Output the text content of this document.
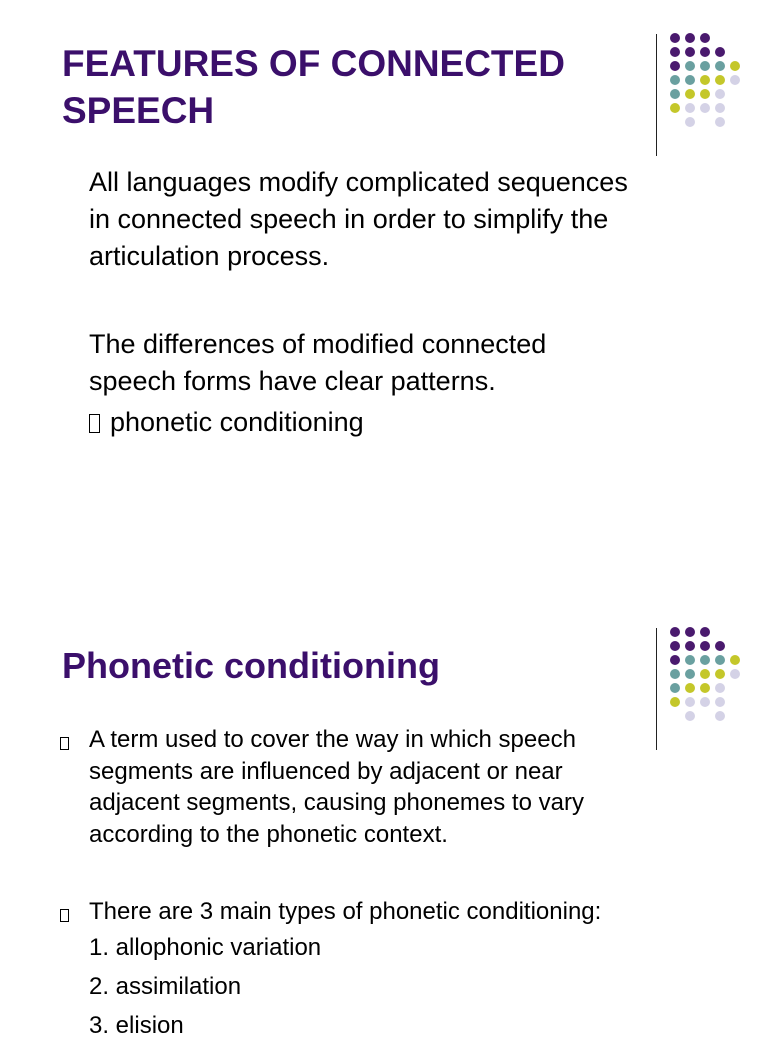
FEATURES OF CONNECTED
SPEECH

All languages modify complicated sequences
in connected speech in order to simplify the
articulation process.

The differences of modified connected
speech forms have clear patterns.

phonetic conditioning

Phonetic conditioning

A term used to cover the way in which speech
segments are influenced by adjacent or near
adjacent segments, causing phonemes to vary
according to the phonetic context.

There are 3 main types of phonetic conditioning:

1. allophonic variation

2. assimilation

3. elision
